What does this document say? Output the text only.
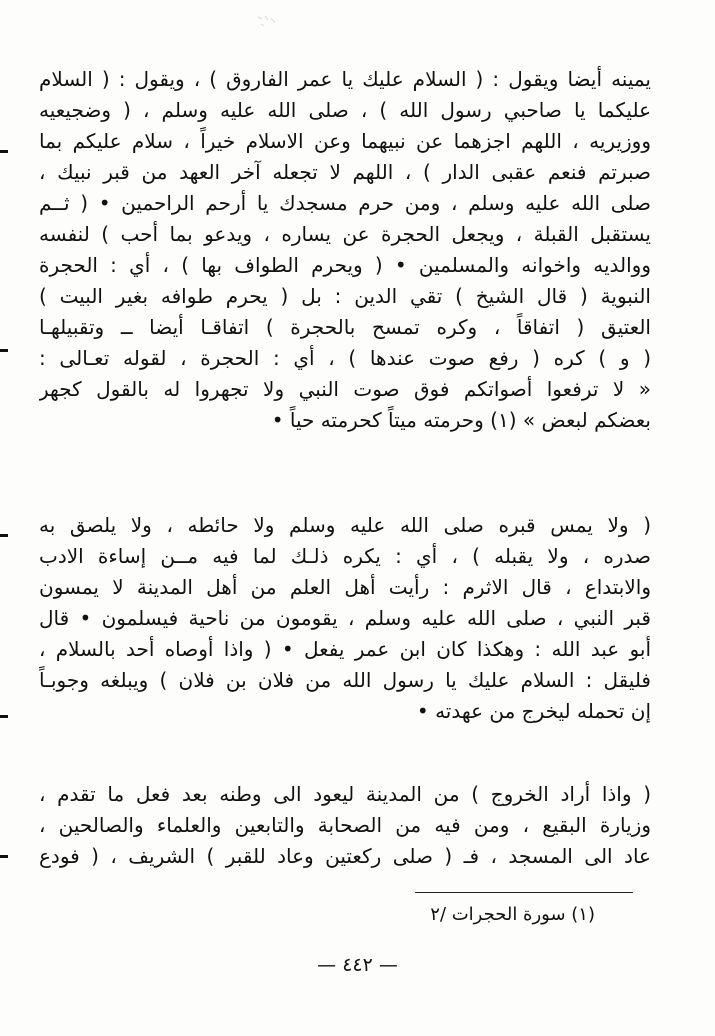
يمينه أيضا ويقول : ( السلام عليك يا عمر الفاروق ) ، ويقول : ( السلام
عليكما يا صاحبي رسول الله ) ، صلى الله عليه وسلم ، ( وضجيعيه
ووزيريه ، اللهم اجزهما عن نبيهما وعن الاسلام خيراً ، سلام عليكم بما
صبرتم فنعم عقبى الدار ) ، اللهم لا تجعله آخر العهد من قبر نبيك ،
صلى الله عليه وسلم ، ومن حرم مسجدك يا أرحم الراحمين • ( ثــم
يستقبل القبلة ، ويجعل الحجرة عن يساره ، ويدعو بما أحب ) لنفسه
ووالديه واخوانه والمسلمين • ( ويحرم الطواف بها ) ، أي : الحجرة
النبوية ( قال الشيخ ) تقي الدين : بل ( يحرم طوافه بغير البيت )
العتيق ( اتفاقاً ، وكره تمسح بالحجرة ) اتفاقـا أيضا ــ وتقبيلهـا
( و ) كره ( رفع صوت عندها ) ، أي : الحجرة ، لقوله تعـالى :
« لا ترفعوا أصواتكم فوق صوت النبي ولا تجهروا له بالقول كجهر
بعضكم لبعض » (١) وحرمته ميتاً كحرمته حياً •
( ولا يمس قبره صلى الله عليه وسلم ولا حائطه ، ولا يلصق به
صدره ، ولا يقبله ) ، أي : يكره ذلـك لما فيه مــن إساءة الادب
والابتداع ، قال الاثرم : رأيت أهل العلم من أهل المدينة لا يمسون
قبر النبي ، صلى الله عليه وسلم ، يقومون من ناحية فيسلمون • قال
أبو عبد الله : وهكذا كان ابن عمر يفعل • ( واذا أوصاه أحد بالسلام ،
فليقل : السلام عليك يا رسول الله من فلان بن فلان ) ويبلغه وجوبـاً
إن تحمله ليخرج من عهدته •
( واذا أراد الخروج ) من المدينة ليعود الى وطنه بعد فعل ما تقدم ،
وزيارة البقيع ، ومن فيه من الصحابة والتابعين والعلماء والصالحين ،
عاد الى المسجد ، فـ ( صلى ركعتين وعاد للقبر ) الشريف ، ( فودع
(١) سورة الحجرات /٢
— ٤٤٢ —
